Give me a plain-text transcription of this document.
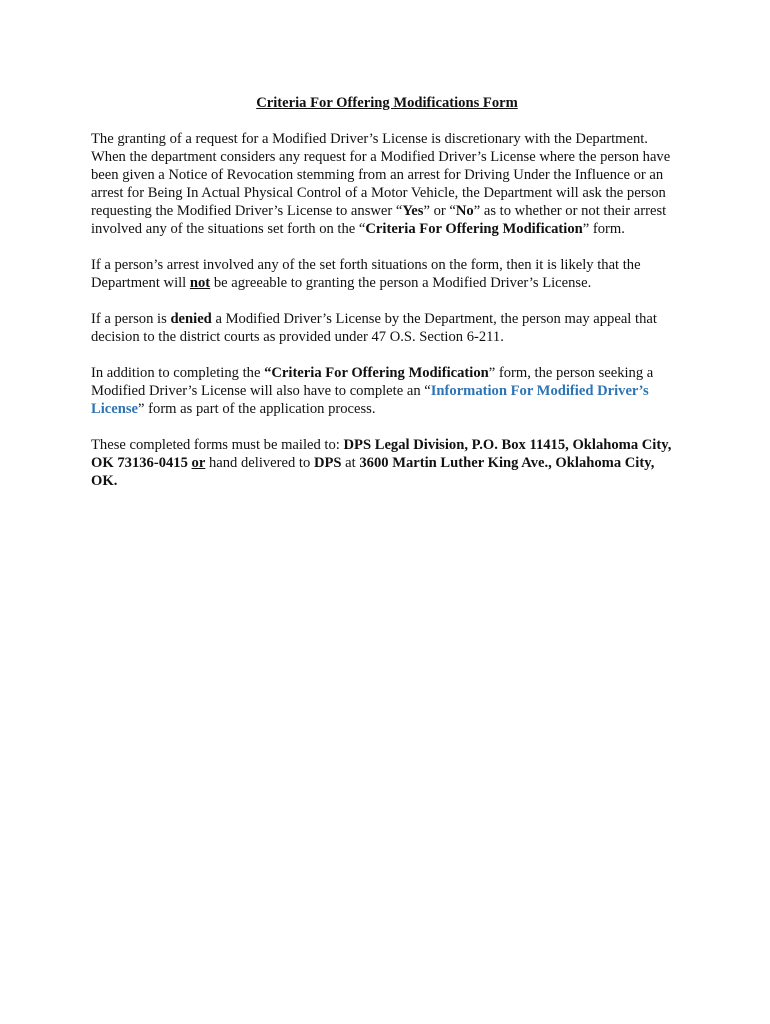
Criteria For Offering Modifications Form

The granting of a request for a Modified Driver’s License is discretionary with the Department. When the department considers any request for a Modified Driver’s License where the person have been given a Notice of Revocation stemming from an arrest for Driving Under the Influence or an arrest for Being In Actual Physical Control of a Motor Vehicle, the Department will ask the person requesting the Modified Driver’s License to answer “Yes” or “No” as to whether or not their arrest involved any of the situations set forth on the “Criteria For Offering Modification” form.

If a person’s arrest involved any of the set forth situations on the form, then it is likely that the Department will not be agreeable to granting the person a Modified Driver’s License.

If a person is denied a Modified Driver’s License by the Department, the person may appeal that decision to the district courts as provided under 47 O.S. Section 6-211.

In addition to completing the “Criteria For Offering Modification” form, the person seeking a Modified Driver’s License will also have to complete an “Information For Modified Driver’s License” form as part of the application process.

These completed forms must be mailed to: DPS Legal Division, P.O. Box 11415, Oklahoma City, OK 73136-0415 or hand delivered to DPS at 3600 Martin Luther King Ave., Oklahoma City, OK.
